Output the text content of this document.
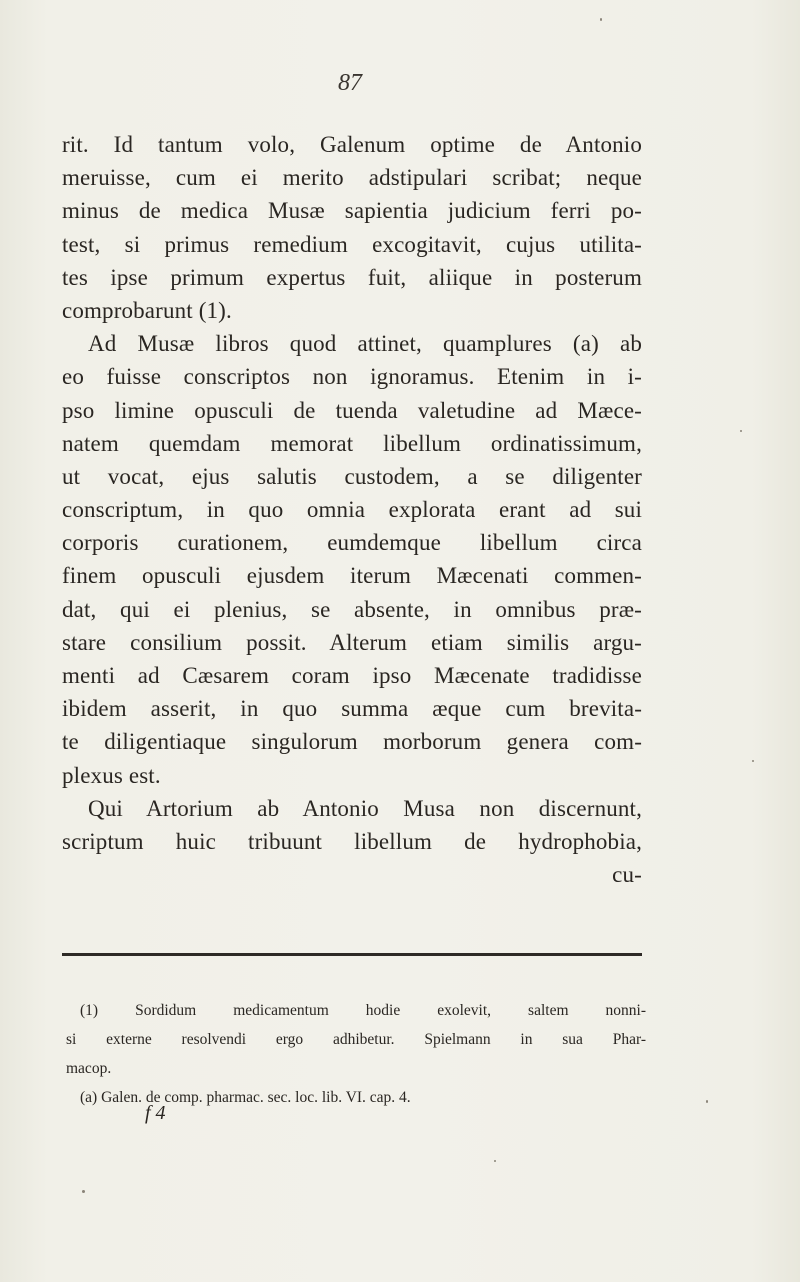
87
rit. Id tantum volo, Galenum optime de Antonio
meruisse, cum ei merito adstipulari scribat; neque
minus de medica Musæ sapientia judicium ferri po-
test, si primus remedium excogitavit, cujus utilita-
tes ipse primum expertus fuit, aliique in posterum
comprobarunt (1).
Ad Musæ libros quod attinet, quamplures (a) ab
eo fuisse conscriptos non ignoramus. Etenim in i-
pso limine opusculi de tuenda valetudine ad Mæce-
natem quemdam memorat libellum ordinatissimum,
ut vocat, ejus salutis custodem, a se diligenter
conscriptum, in quo omnia explorata erant ad sui
corporis curationem, eumdemque libellum circa
finem opusculi ejusdem iterum Mæcenati commen-
dat, qui ei plenius, se absente, in omnibus præ-
stare consilium possit. Alterum etiam similis argu-
menti ad Cæsarem coram ipso Mæcenate tradidisse
ibidem asserit, in quo summa æque cum brevita-
te diligentiaque singulorum morborum genera com-
plexus est.
Qui Artorium ab Antonio Musa non discernunt,
scriptum huic tribuunt libellum de hydrophobia,
cu-
(1) Sordidum medicamentum hodie exolevit, saltem nonni-
si externe resolvendi ergo adhibetur. Spielmann in sua Phar-
macop.
(a) Galen. de comp. pharmac. sec. loc. lib. VI. cap. 4.
f 4
